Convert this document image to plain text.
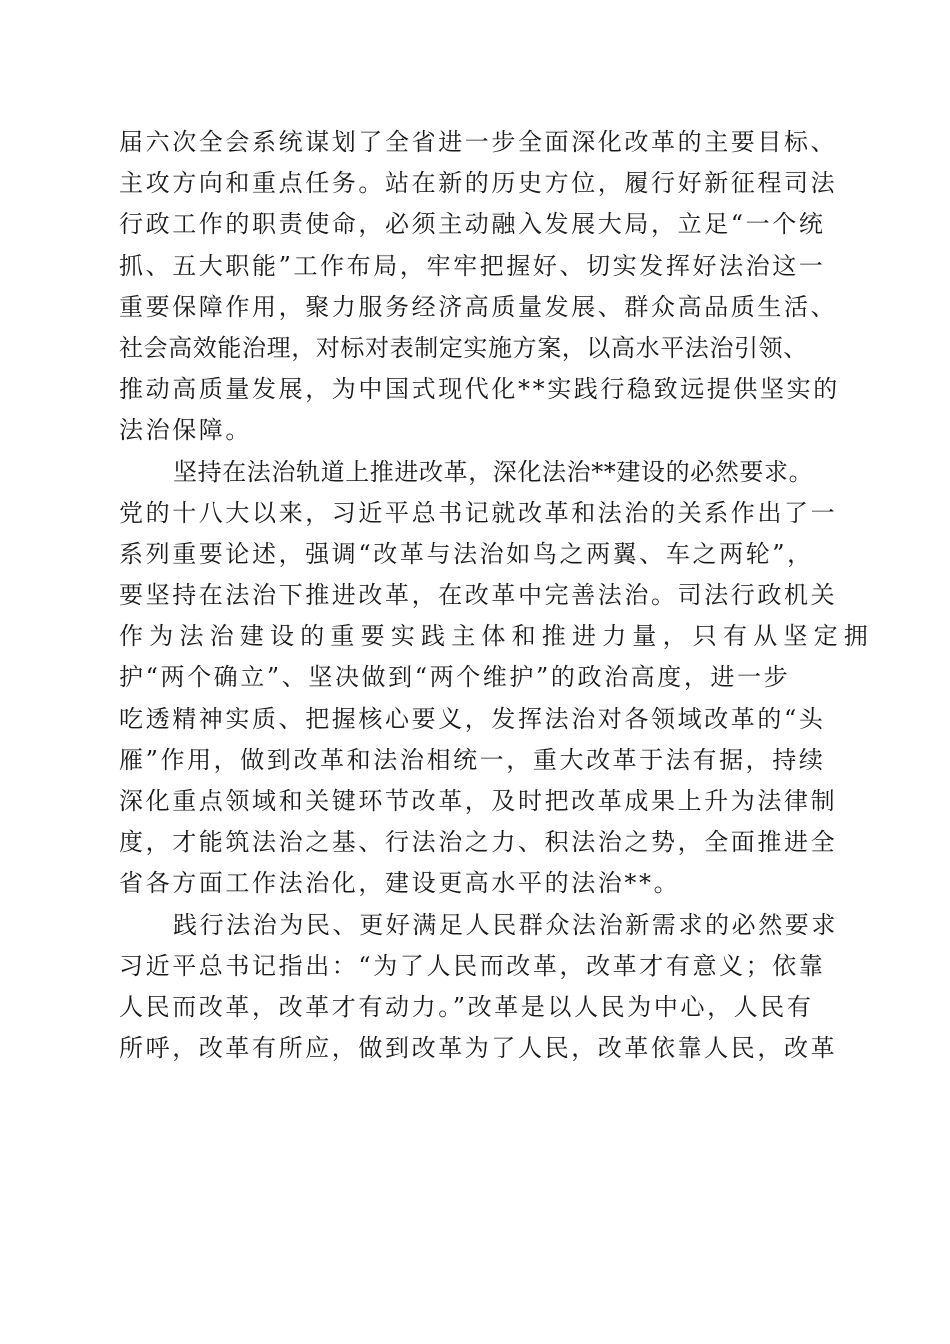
届六次全会系统谋划了全省进一步全面深化改革的主要目标、
主攻方向和重点任务。站在新的历史方位，履行好新征程司法
行政工作的职责使命，必须主动融入发展大局，立足“一个统
抓、五大职能”工作布局，牢牢把握好、切实发挥好法治这一
重要保障作用，聚力服务经济高质量发展、群众高品质生活、
社会高效能治理，对标对表制定实施方案，以高水平法治引领、
推动高质量发展，为中国式现代化**实践行稳致远提供坚实的
法治保障。
坚持在法治轨道上推进改革，深化法治**建设的必然要求。
党的十八大以来，习近平总书记就改革和法治的关系作出了一
系列重要论述，强调“改革与法治如鸟之两翼、车之两轮”，
要坚持在法治下推进改革，在改革中完善法治。司法行政机关
作为法治建设的重要实践主体和推进力量，只有从坚定拥
护“两个确立”、坚决做到“两个维护”的政治高度，进一步
吃透精神实质、把握核心要义，发挥法治对各领域改革的“头
雁”作用，做到改革和法治相统一，重大改革于法有据，持续
深化重点领域和关键环节改革，及时把改革成果上升为法律制
度，才能筑法治之基、行法治之力、积法治之势，全面推进全
省各方面工作法治化，建设更高水平的法治**。
践行法治为民、更好满足人民群众法治新需求的必然要求
习近平总书记指出：“为了人民而改革，改革才有意义；依靠
人民而改革，改革才有动力。”改革是以人民为中心，人民有
所呼，改革有所应，做到改革为了人民，改革依靠人民，改革
